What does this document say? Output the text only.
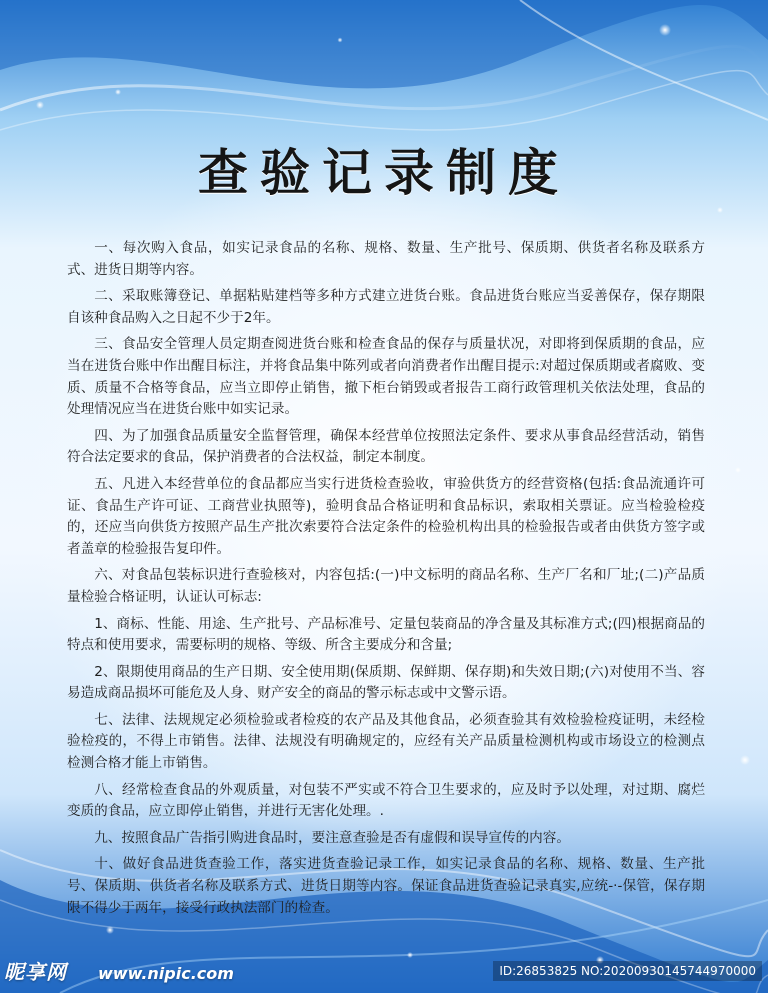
查验记录制度

一、每次购入食品，如实记录食品的名称、规格、数量、生产批号、保质期、供货者名称及联系方式、进货日期等内容。

二、采取账簿登记、单据粘贴建档等多种方式建立进货台账。食品进货台账应当妥善保存，保存期限自该种食品购入之日起不少于2年。

三、食品安全管理人员定期查阅进货台账和检查食品的保存与质量状况，对即将到保质期的食品，应当在进货台账中作出醒目标注，并将食品集中陈列或者向消费者作出醒目提示:对超过保质期或者腐败、变质、质量不合格等食品，应当立即停止销售，撤下柜台销毁或者报告工商行政管理机关依法处理，食品的处理情况应当在进货台账中如实记录。

四、为了加强食品质量安全监督管理，确保本经营单位按照法定条件、要求从事食品经营活动，销售符合法定要求的食品，保护消费者的合法权益，制定本制度。

五、凡进入本经营单位的食品都应当实行进货检查验收，审验供货方的经营资格(包括:食品流通许可证、食品生产许可证、工商营业执照等)，验明食品合格证明和食品标识，索取相关票证。应当检验检疫的，还应当向供货方按照产品生产批次索要符合法定条件的检验机构出具的检验报告或者由供货方签字或者盖章的检验报告复印件。

六、对食品包装标识进行查验核对，内容包括:(一)中文标明的商品名称、生产厂名和厂址;(二)产品质量检验合格证明，认证认可标志:

1、商标、性能、用途、生产批号、产品标准号、定量包装商品的净含量及其标准方式;(四)根据商品的特点和使用要求，需要标明的规格、等级、所含主要成分和含量;

2、限期使用商品的生产日期、安全使用期(保质期、保鲜期、保存期)和失效日期;(六)对使用不当、容易造成商品损坏可能危及人身、财产安全的商品的警示标志或中文警示语。

七、法律、法规规定必须检验或者检疫的农产品及其他食品，必须查验其有效检验检疫证明，未经检验检疫的，不得上市销售。法律、法规没有明确规定的，应经有关产品质量检测机构或市场设立的检测点检测合格才能上市销售。

八、经常检查食品的外观质量，对包装不严实或不符合卫生要求的，应及时予以处理，对过期、腐烂变质的食品，应立即停止销售，并进行无害化处理。.

九、按照食品广告指引购进食品时，要注意查验是否有虚假和误导宣传的内容。

十、做好食品进货查验工作，落实进货查验记录工作，如实记录食品的名称、规格、数量、生产批号、保质期、供货者名称及联系方式、进货日期等内容。保证食品进货查验记录真实,应统-·-保管，保存期限不得少于两年，接受行政执法部门的检查。

昵享网 www.nipic.com	ID:26853825 NO:20200930145744970000
